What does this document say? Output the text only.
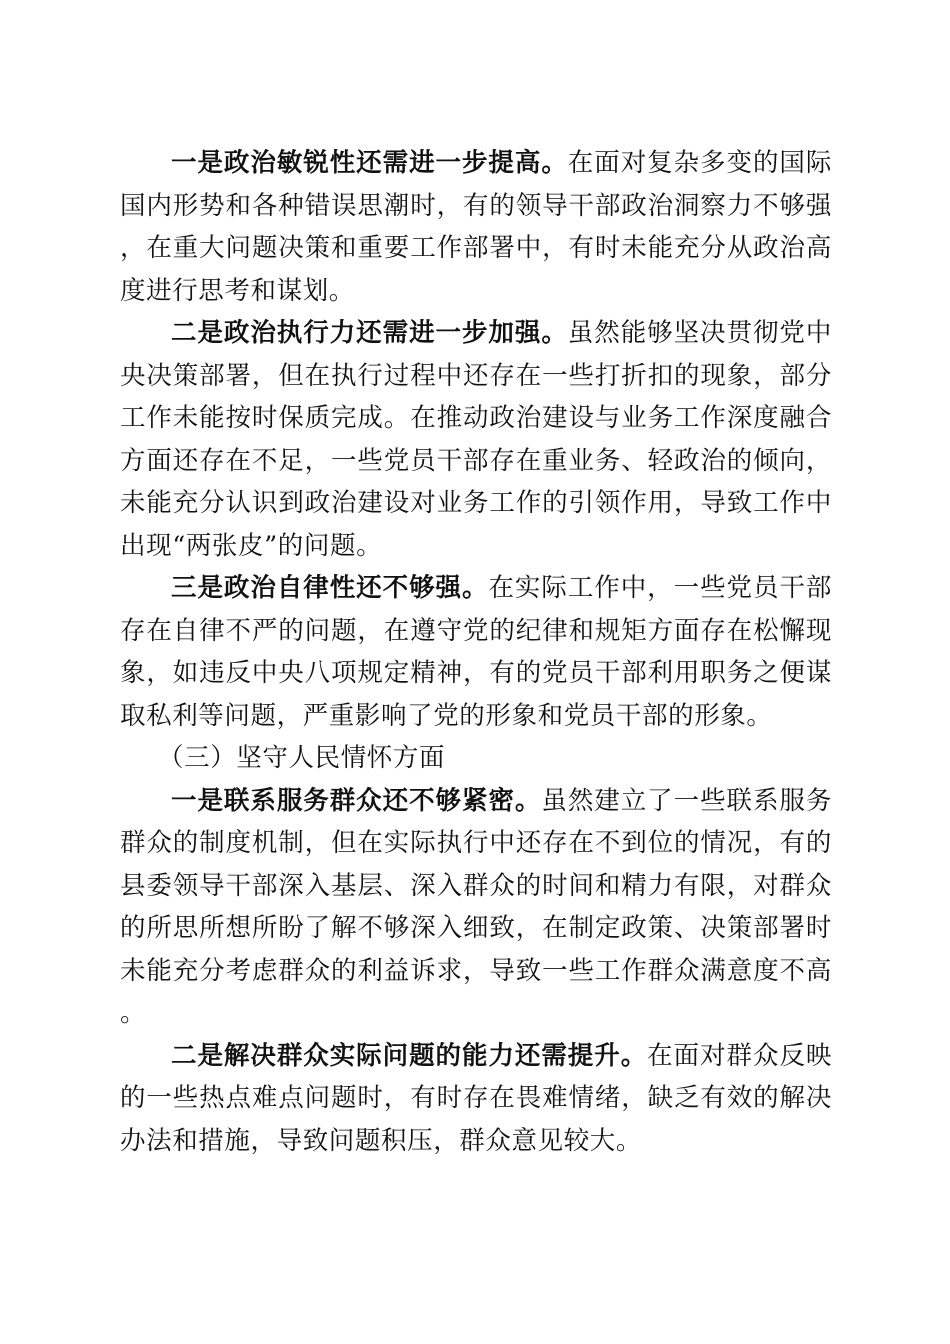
一是政治敏锐性还需进一步提高。在面对复杂多变的国际国内形势和各种错误思潮时，有的领导干部政治洞察力不够强，在重大问题决策和重要工作部署中，有时未能充分从政治高度进行思考和谋划。

二是政治执行力还需进一步加强。虽然能够坚决贯彻党中央决策部署，但在执行过程中还存在一些打折扣的现象，部分工作未能按时保质完成。在推动政治建设与业务工作深度融合方面还存在不足，一些党员干部存在重业务、轻政治的倾向，未能充分认识到政治建设对业务工作的引领作用，导致工作中出现“两张皮”的问题。

三是政治自律性还不够强。在实际工作中，一些党员干部存在自律不严的问题，在遵守党的纪律和规矩方面存在松懈现象，如违反中央八项规定精神，有的党员干部利用职务之便谋取私利等问题，严重影响了党的形象和党员干部的形象。

（三）坚守人民情怀方面

一是联系服务群众还不够紧密。虽然建立了一些联系服务群众的制度机制，但在实际执行中还存在不到位的情况，有的县委领导干部深入基层、深入群众的时间和精力有限，对群众的所思所想所盼了解不够深入细致，在制定政策、决策部署时未能充分考虑群众的利益诉求，导致一些工作群众满意度不高。

二是解决群众实际问题的能力还需提升。在面对群众反映的一些热点难点问题时，有时存在畏难情绪，缺乏有效的解决办法和措施，导致问题积压，群众意见较大。
